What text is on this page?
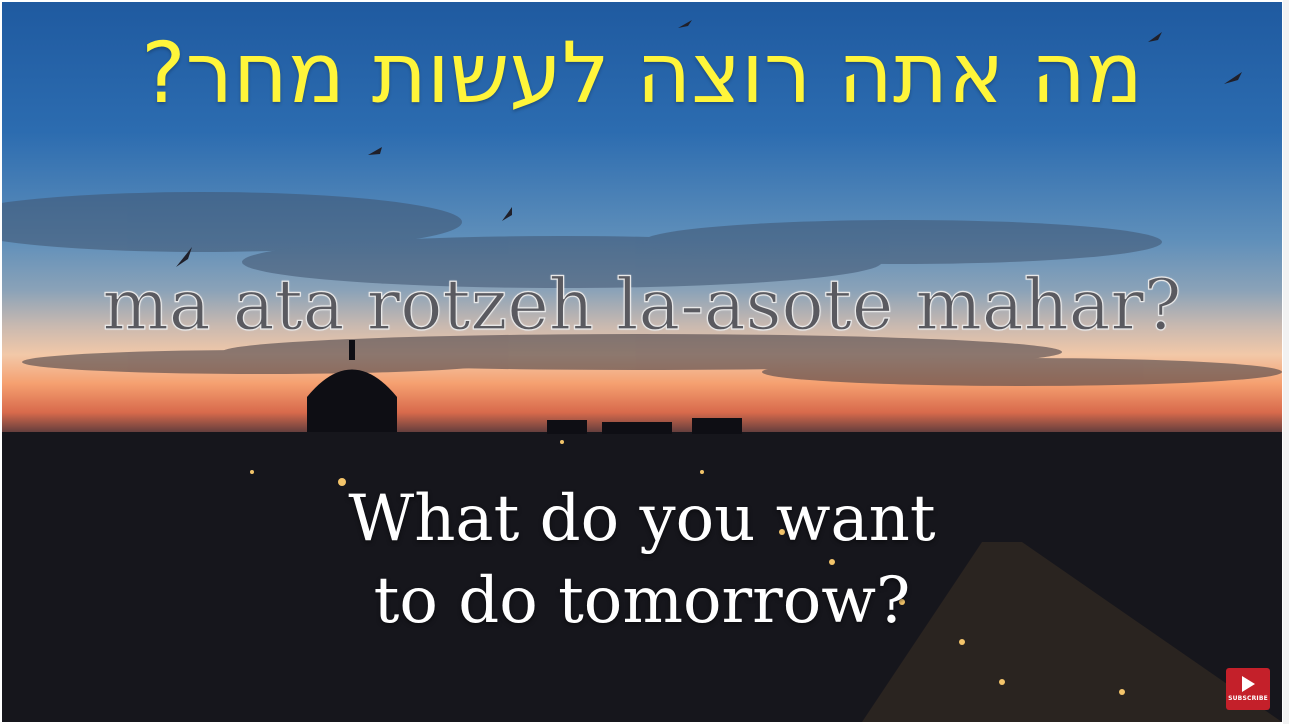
מה אתה רוצה לעשות מחר?
ma ata rotzeh la-asote mahar?
What do you want
to do tomorrow?
SUBSCRIBE
